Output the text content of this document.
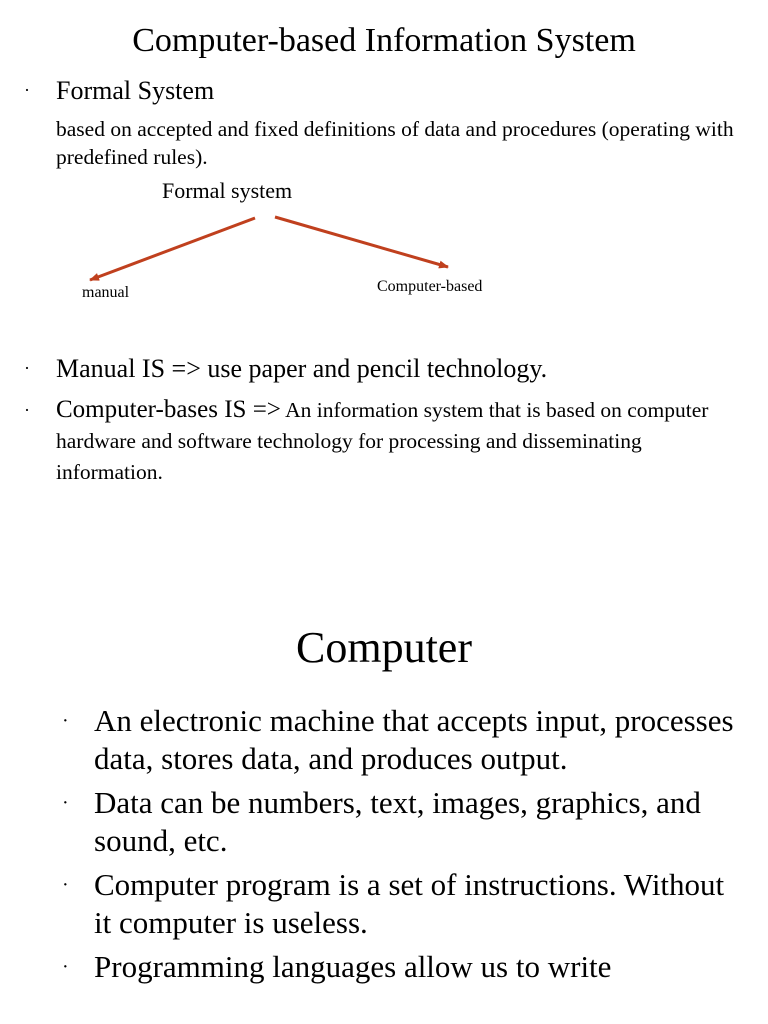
Computer-based Information System
· Formal System
based on accepted and fixed definitions of data and procedures (operating with predefined rules).
Formal system
manual	Computer-based
· Manual IS => use paper and pencil technology.
· Computer-bases IS => An information system that is based on computer hardware and software technology for processing and disseminating information.
Computer
· An electronic machine that accepts input, processes data, stores data, and produces output.
· Data can be numbers, text, images, graphics, and sound, etc.
· Computer program is a set of instructions. Without it computer is useless.
· Programming languages allow us to write
